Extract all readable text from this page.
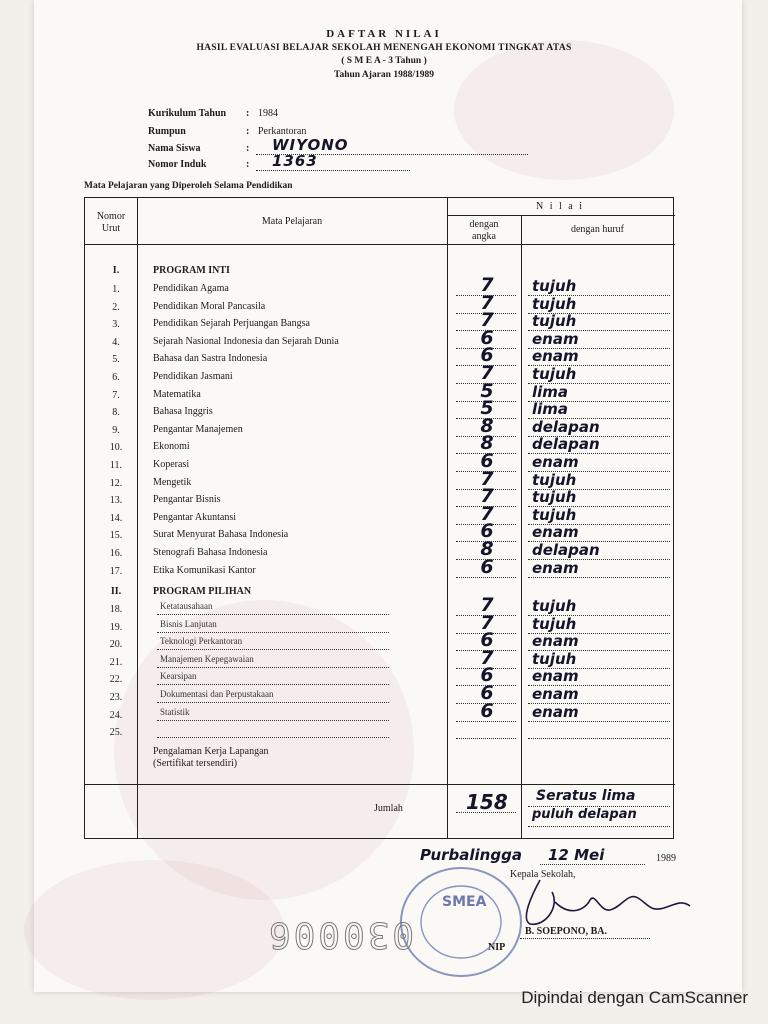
DAFTAR NILAI
HASIL EVALUASI BELAJAR SEKOLAH MENENGAH EKONOMI TINGKAT ATAS
( S M E A - 3 Tahun )
Tahun Ajaran 1988/1989
Kurikulum Tahun : 1984
Rumpun	: Perkantoran
Nama Siswa	: WIYONO
Nomor Induk	: 1363
Mata Pelajaran yang Diperoleh Selama Pendidikan
Nomor
Urut
Mata Pelajaran
N i l a i
dengan
angka
dengan huruf
I.	PROGRAM INTI
1.	Pendidikan Agama	7	tujuh
2.	Pendidikan Moral Pancasila	7	tujuh
3.	Pendidikan Sejarah Perjuangan Bangsa	7	tujuh
4.	Sejarah Nasional Indonesia dan Sejarah Dunia	6	enam
5.	Bahasa dan Sastra Indonesia	6	enam
6.	Pendidikan Jasmani	7	tujuh
7.	Matematika	5	lima
8.	Bahasa Inggris	5	lima
9.	Pengantar Manajemen	8	delapan
10.	Ekonomi	8	delapan
11.	Koperasi	6	enam
12.	Mengetik	7	tujuh
13.	Pengantar Bisnis	7	tujuh
14.	Pengantar Akuntansi	7	tujuh
15.	Surat Menyurat Bahasa Indonesia	6	enam
16.	Stenografi Bahasa Indonesia	8	delapan
17.	Etika Komunikasi Kantor	6	enam
II.	PROGRAM PILIHAN
18.	Ketatausahaan	7	tujuh
19.	Bisnis Lanjutan	7	tujuh
20.	Teknologi Perkantoran	6	enam
21.	Manajemen Kepegawaian	7	tujuh
22.	Kearsipan	6	enam
23.	Dokumentasi dan Perpustakaan	6	enam
24.	Statistik	6	enam
25.
Pengalaman Kerja Lapangan
(Sertifikat tersendiri)
Jumlah	158 Seratus lima
puluh delapan
Purbalingga 12 Mei	1989
Kepala Sekolah,
B. SOEPONO, BA.
NIP
SMEA
030006
Dipindai dengan CamScanner
